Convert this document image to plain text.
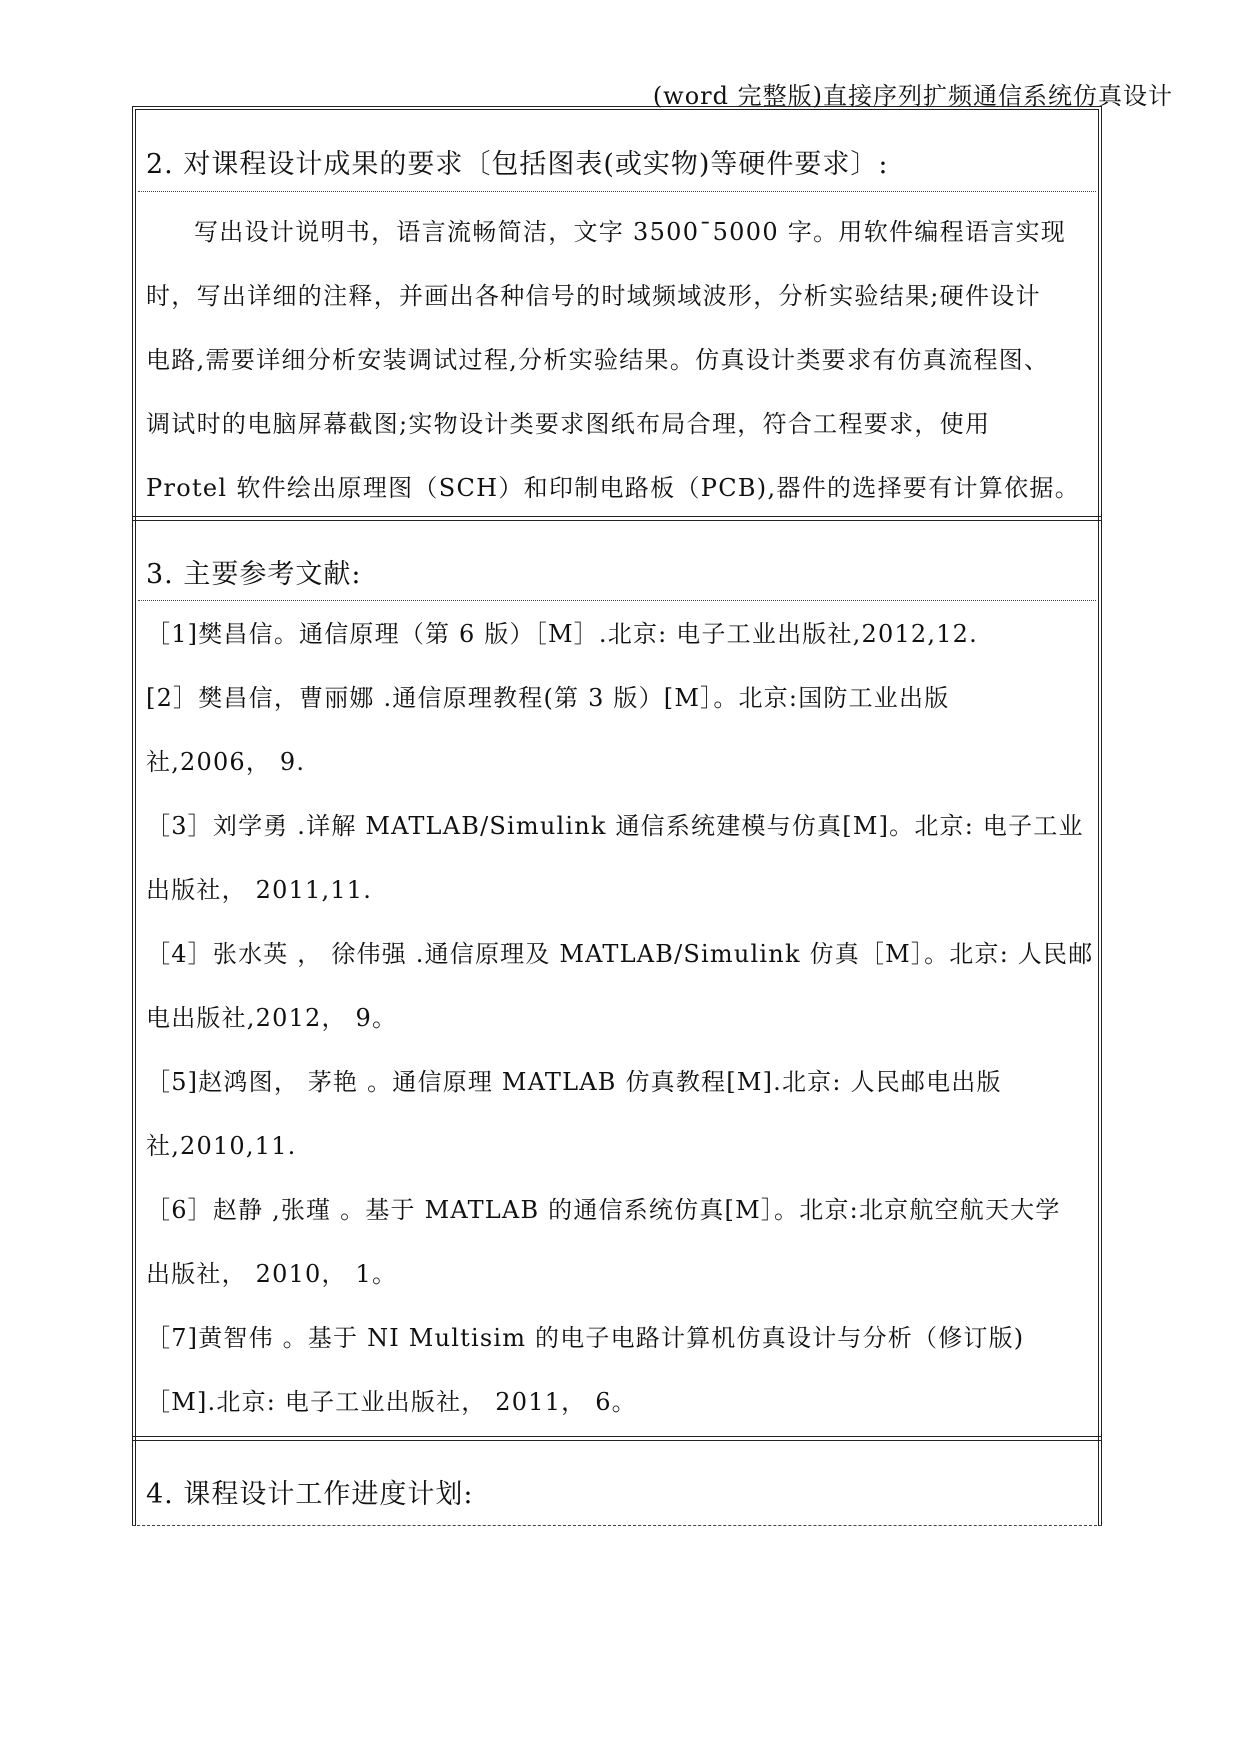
(word 完整版)直接序列扩频通信系统仿真设计
2. 对课程设计成果的要求〔包括图表(或实物)等硬件要求〕:
写出设计说明书，语言流畅简洁，文字 3500¯5000 字。用软件编程语言实现
时，写出详细的注释，并画出各种信号的时域频域波形，分析实验结果;硬件设计
电路,需要详细分析安装调试过程,分析实验结果。仿真设计类要求有仿真流程图、
调试时的电脑屏幕截图;实物设计类要求图纸布局合理，符合工程要求，使用
Protel 软件绘出原理图（SCH）和印制电路板（PCB),器件的选择要有计算依据。
3. 主要参考文献:
［1]樊昌信。通信原理（第 6 版）［M］.北京: 电子工业出版社,2012,12.
[2］樊昌信，曹丽娜 .通信原理教程(第 3 版）[M］。北京:国防工业出版
社,2006， 9.
［3］刘学勇 .详解 MATLAB/Simulink 通信系统建模与仿真[M]。北京: 电子工业
出版社， 2011,11.
［4］张水英 ， 徐伟强 .通信原理及 MATLAB/Simulink 仿真［M］。北京: 人民邮
电出版社,2012， 9。
［5]赵鸿图， 茅艳 。通信原理 MATLAB 仿真教程[M].北京: 人民邮电出版
社,2010,11.
［6］赵静 ,张瑾 。基于 MATLAB 的通信系统仿真[M］。北京:北京航空航天大学
出版社， 2010， 1。
［7]黄智伟 。基于 NI Multisim 的电子电路计算机仿真设计与分析（修订版)
［M].北京: 电子工业出版社， 2011， 6。
4. 课程设计工作进度计划:
